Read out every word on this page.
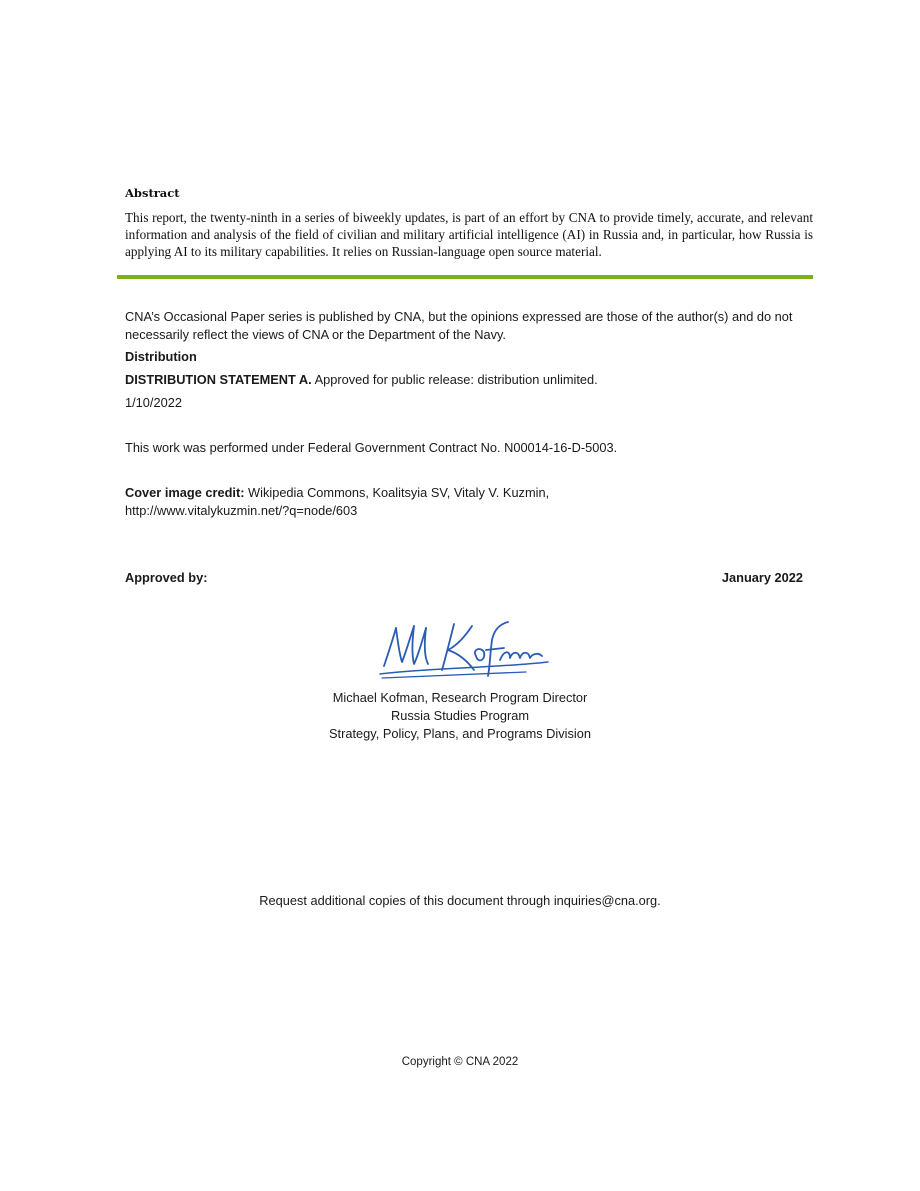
Abstract

This report, the twenty-ninth in a series of biweekly updates, is part of an effort by CNA to provide timely, accurate, and relevant information and analysis of the field of civilian and military artificial intelligence (AI) in Russia and, in particular, how Russia is applying AI to its military capabilities. It relies on Russian-language open source material.

CNA’s Occasional Paper series is published by CNA, but the opinions expressed are those of the author(s) and do not necessarily reflect the views of CNA or the Department of the Navy.

Distribution

DISTRIBUTION STATEMENT A. Approved for public release: distribution unlimited.

1/10/2022

This work was performed under Federal Government Contract No. N00014-16-D-5003.

Cover image credit: Wikipedia Commons, Koalitsyia SV, Vitaly V. Kuzmin,
http://www.vitalykuzmin.net/?q=node/603

Approved by:	January 2022
Michael Kofman, Research Program Director
Russia Studies Program
Strategy, Policy, Plans, and Programs Division

Request additional copies of this document through inquiries@cna.org.

Copyright © CNA 2022
